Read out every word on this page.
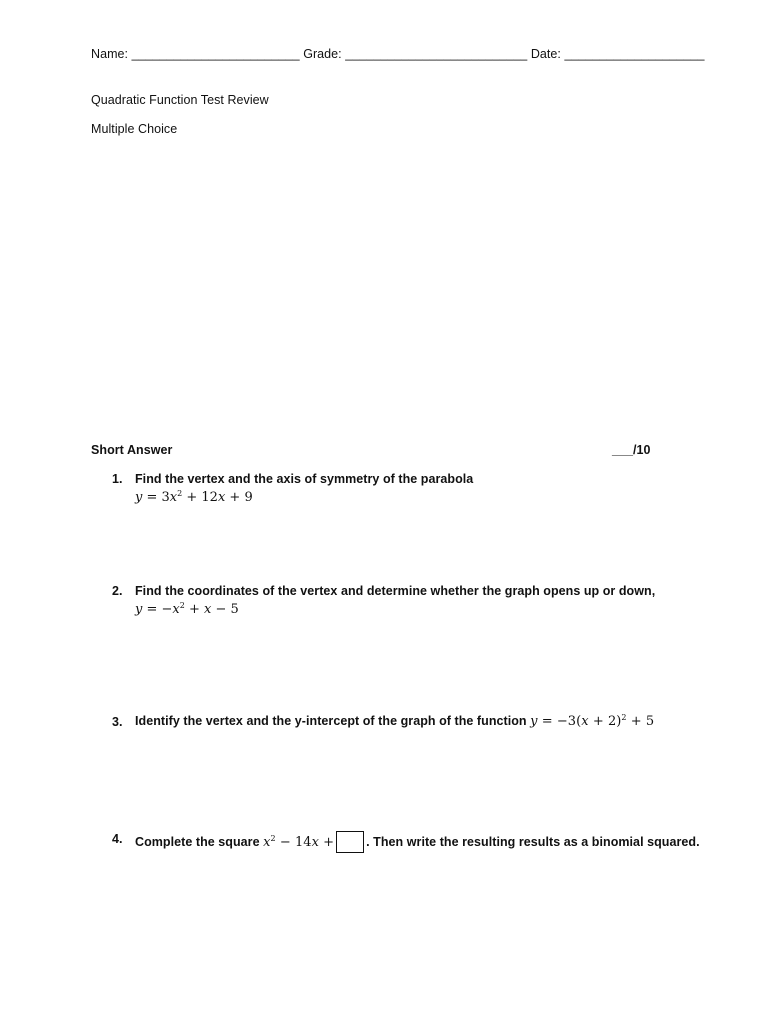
Name: ________________________ Grade: __________________________ Date: ____________________
Quadratic Function Test Review
Multiple Choice
Short Answer	___/10
1. Find the vertex and the axis of symmetry of the parabola
$y = 3x^2 + 12x + 9$
2. Find the coordinates of the vertex and determine whether the graph opens up or down,
$y = -x^2 + x - 5$
3. Identify the vertex and the y-intercept of the graph of the function $y = -3(x + 2)^2 + 5$
4. Complete the square $x^2 - 14x$ +	. Then write the resulting results as a binomial squared.
